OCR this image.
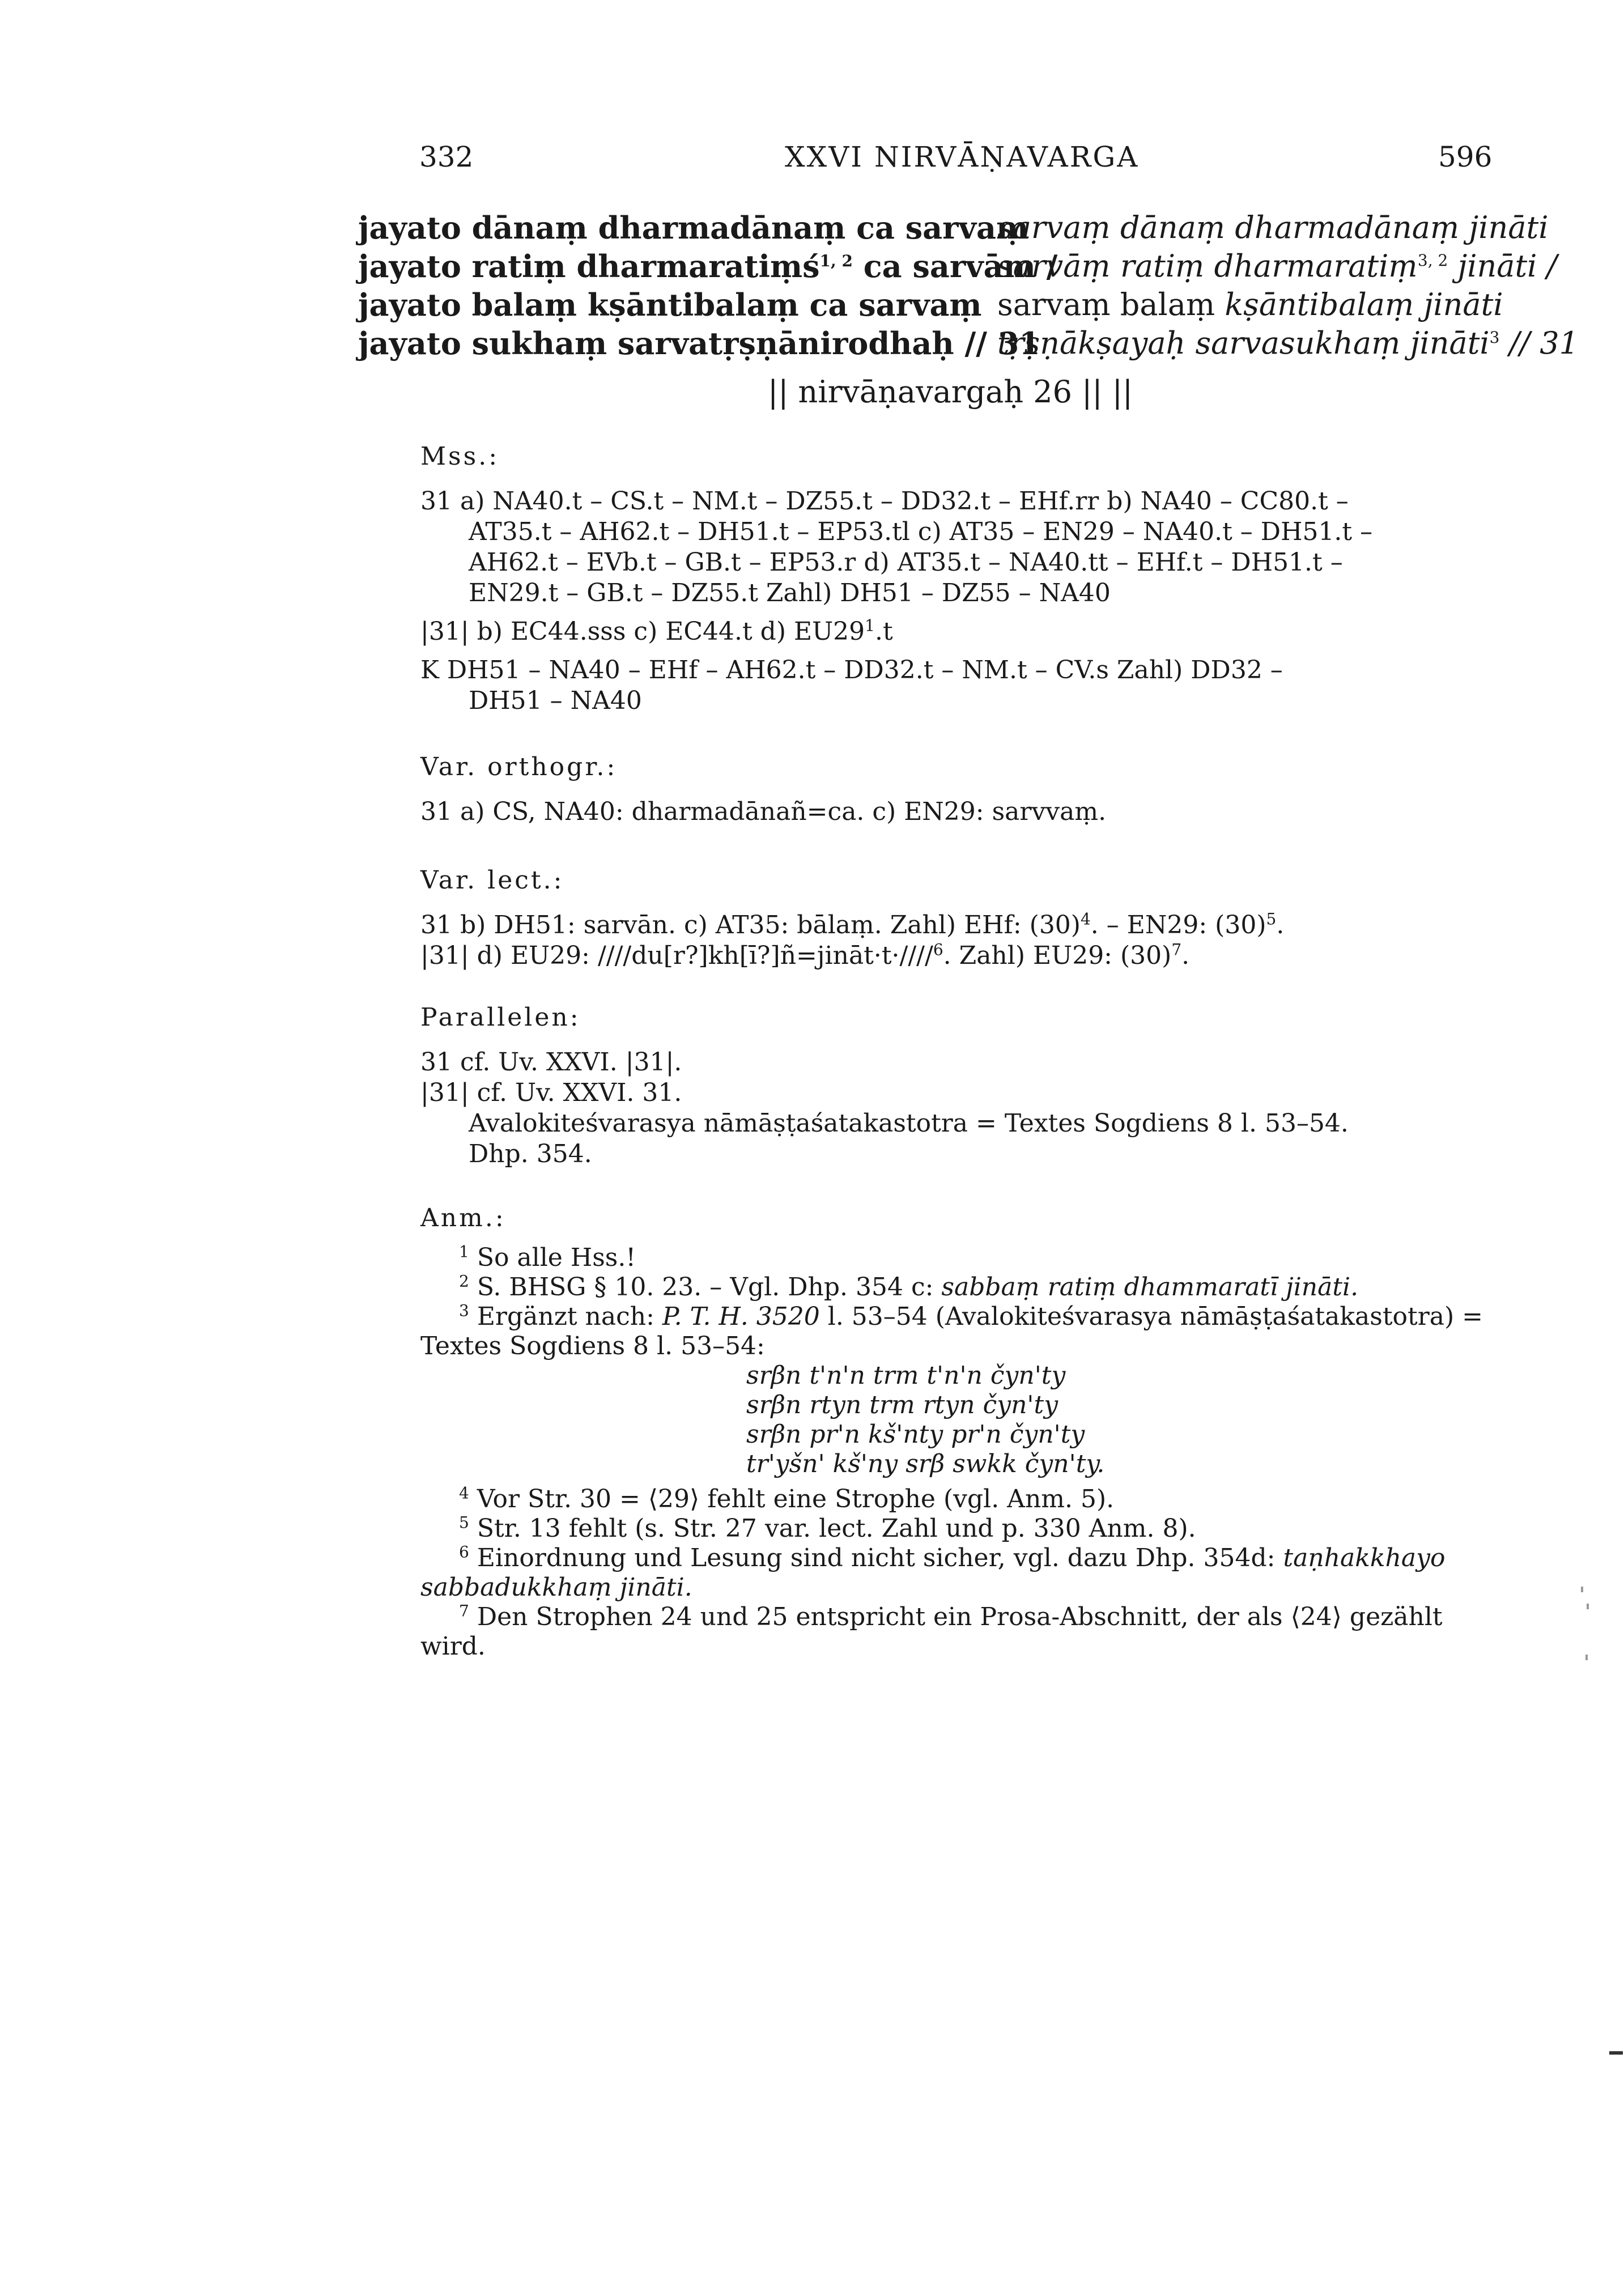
332	XXVI NIRVĀṆAVARGA	596
jayato dānaṃ dharmadānaṃ ca sarvaṃ
jayato ratiṃ dharmaratiṃś$^{1, 2}$ ca sarvām /
jayato balaṃ kṣāntibalaṃ ca sarvaṃ
jayato sukhaṃ sarvatṛṣṇānirodhaḥ // 31
sarvaṃ dānaṃ dharmadānaṃ jināti
sarvāṃ ratiṃ dharmaratiṃ$^{3, 2}$ jināti /
sarvaṃ balaṃ kṣāntibalaṃ jināti
tṛṣṇākṣayaḥ sarvasukhaṃ jināti$^3$ // 31
|| nirvāṇavargaḥ 26 || ||
Mss.:
31 a) NA40.t – CS.t – NM.t – DZ55.t – DD32.t – EHf.rr b) NA40 – CC80.t –
AT35.t – AH62.t – DH51.t – EP53.tl c) AT35 – EN29 – NA40.t – DH51.t –
AH62.t – EVb.t – GB.t – EP53.r d) AT35.t – NA40.tt – EHf.t – DH51.t –
EN29.t – GB.t – DZ55.t Zahl) DH51 – DZ55 – NA40
|31| b) EC44.sss c) EC44.t d) $EU29^1.t$
K DH51 – NA40 – EHf – AH62.t – DD32.t – NM.t – CV.s Zahl) DD32 –
DH51 – NA40
Var. orthogr.:
31 a) CS, NA40: dharmadānañ=ca. c) EN29: sarvvaṃ.
Var. lect.:
31 b) DH51: sarvān. c) AT35: bālaṃ. Zahl) EHf: $(30)^4$. – EN29: $(30)^5$.
|31| d) EU29: ////du[r?]kh[ī?]ñ=jināt·t·////$^6$. Zahl) EU29: $(30)^7$.
Parallelen:
31 cf. Uv. XXVI. |31|.
|31| cf. Uv. XXVI. 31.
Avalokiteśvarasya nāmāṣṭaśatakastotra = Textes Sogdiens 8 l. 53–54.
Dhp. 354.
Anm.:
$^1$ So alle Hss.!
$^2$ S. BHSG § 10. 23. – Vgl. Dhp. 354 c: sabbaṃ ratiṃ dhammaratī jināti.
$^3$ Ergänzt nach: P. T. H. 3520 l. 53–54 (Avalokiteśvarasya nāmāṣṭaśatakastotra) =
Textes Sogdiens 8 l. 53–54:
srβn t'n'n trm t'n'n čyn'ty
srβn rtyn trm rtyn čyn'ty
srβn pr'n kš'nty pr'n čyn'ty
tr'yšn' kš'ny srβ swkk čyn'ty.
$^4$ Vor Str. 30 = ⟨29⟩ fehlt eine Strophe (vgl. Anm. 5).
$^5$ Str. 13 fehlt (s. Str. 27 var. lect. Zahl und p. 330 Anm. 8).
$^6$ Einordnung und Lesung sind nicht sicher, vgl. dazu Dhp. 354d: taṇhakkhayo
sabbadukkhaṃ jināti.
$^7$ Den Strophen 24 und 25 entspricht ein Prosa-Abschnitt, der als ⟨24⟩ gezählt
wird.
